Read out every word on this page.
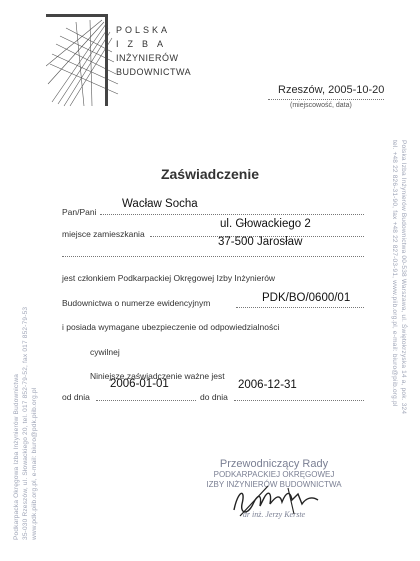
POLSKA
IZBA
INŻYNIERÓW
BUDOWNICTWA
Rzeszów, 2005-10-20
(miejscowość, data)
Zaświadczenie
Pan/Pani
Wacław Socha
ul. Głowackiego 2
miejsce zamieszkania
37-500 Jarosław
jest członkiem Podkarpackiej Okręgowej Izby Inżynierów
Budownictwa o numerze ewidencyjnym	PDK/BO/0600/01
i posiada wymagane ubezpieczenie od odpowiedzialności
cywilnej
Niniejsze zaświadczenie ważne jest
2006-01-01	2006-12-31
od dnia	do dnia
Przewodniczący Rady
PODKARPACKIEJ OKRĘGOWEJ
IZBY INŻYNIERÓW BUDOWNICTWA
dr inż. Jerzy Kerste
Podkarpacka Okręgowa Izba Inżynierów Budownictwa 35-030 Rzeszów, ul. Słowackiego 20, tel. 017 852-79-52, fax 017 852-79-53 www.pdk.piib.org.pl, e-mail: biuro@pdk.piib.org.pl
Polska Izba Inżynierów Budownictwa 00-538 Warszawa, ul. Świętokrzyska 14 a, pok. 324
tel. +48 22 826-31-90, fax +48 22 827-03-91, www.piib.org.pl, e-mail: biuro@piib.org.pl
